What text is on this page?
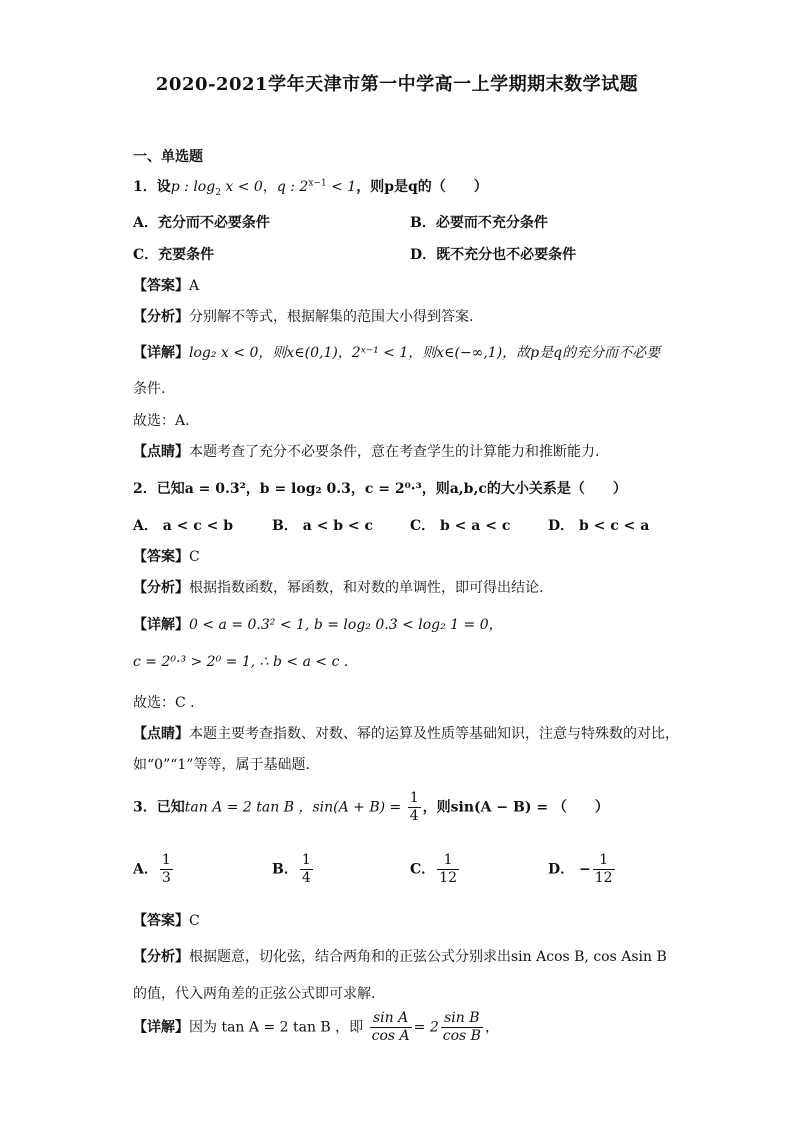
2020-2021学年天津市第一中学高一上学期期末数学试题
一、单选题
1．设p : $\log_2 x < 0$，q : $2^{x-1} < 1$，则p是q的（　　）
A．充分而不必要条件	B．必要而不充分条件
C．充要条件	D．既不充分也不必要条件
【答案】A
【分析】分别解不等式，根据解集的范围大小得到答案.
【详解】log₂ x < 0，则x∈(0,1)，2ˣ⁻¹ < 1，则x∈(−∞,1)，故p是q的充分而不必要
条件.
故选：A.
【点睛】本题考查了充分不必要条件，意在考查学生的计算能力和推断能力.
2．已知a = 0.3²，b = log₂ 0.3，c = 2⁰·³，则a,b,c的大小关系是（　　）
A． a < c < b	B． a < b < c	C． b < a < c	D． b < c < a
【答案】C
【分析】根据指数函数，幂函数，和对数的单调性，即可得出结论.
【详解】0 < a = 0.3² < 1, b = log₂ 0.3 < log₂ 1 = 0，
c = 2⁰·³ > 2⁰ = 1, ∴ b < a < c .
故选：C .
【点睛】本题主要考查指数、对数、幂的运算及性质等基础知识，注意与特殊数的对比，
如“0”“1”等等，属于基础题.
3．已知tan A = 2 tan B ，$\sin(A + B) = \frac{1}{4}$ ，则sin(A − B) = （　　）
A． $\frac{1}{3}$	B． $\frac{1}{4}$	C． $\frac{1}{12}$	D． − $\frac{1}{12}$
【答案】C
【分析】根据题意，切化弦，结合两角和的正弦公式分别求出sin Acos B, cos Asin B
的值，代入两角差的正弦公式即可求解.
【详解】因为 tan A = 2 tan B ，即 $\frac{\text{sin A}}{\text{cos A}} = 2 \frac{\text{sin B}}{\text{cos B}}$ ，
